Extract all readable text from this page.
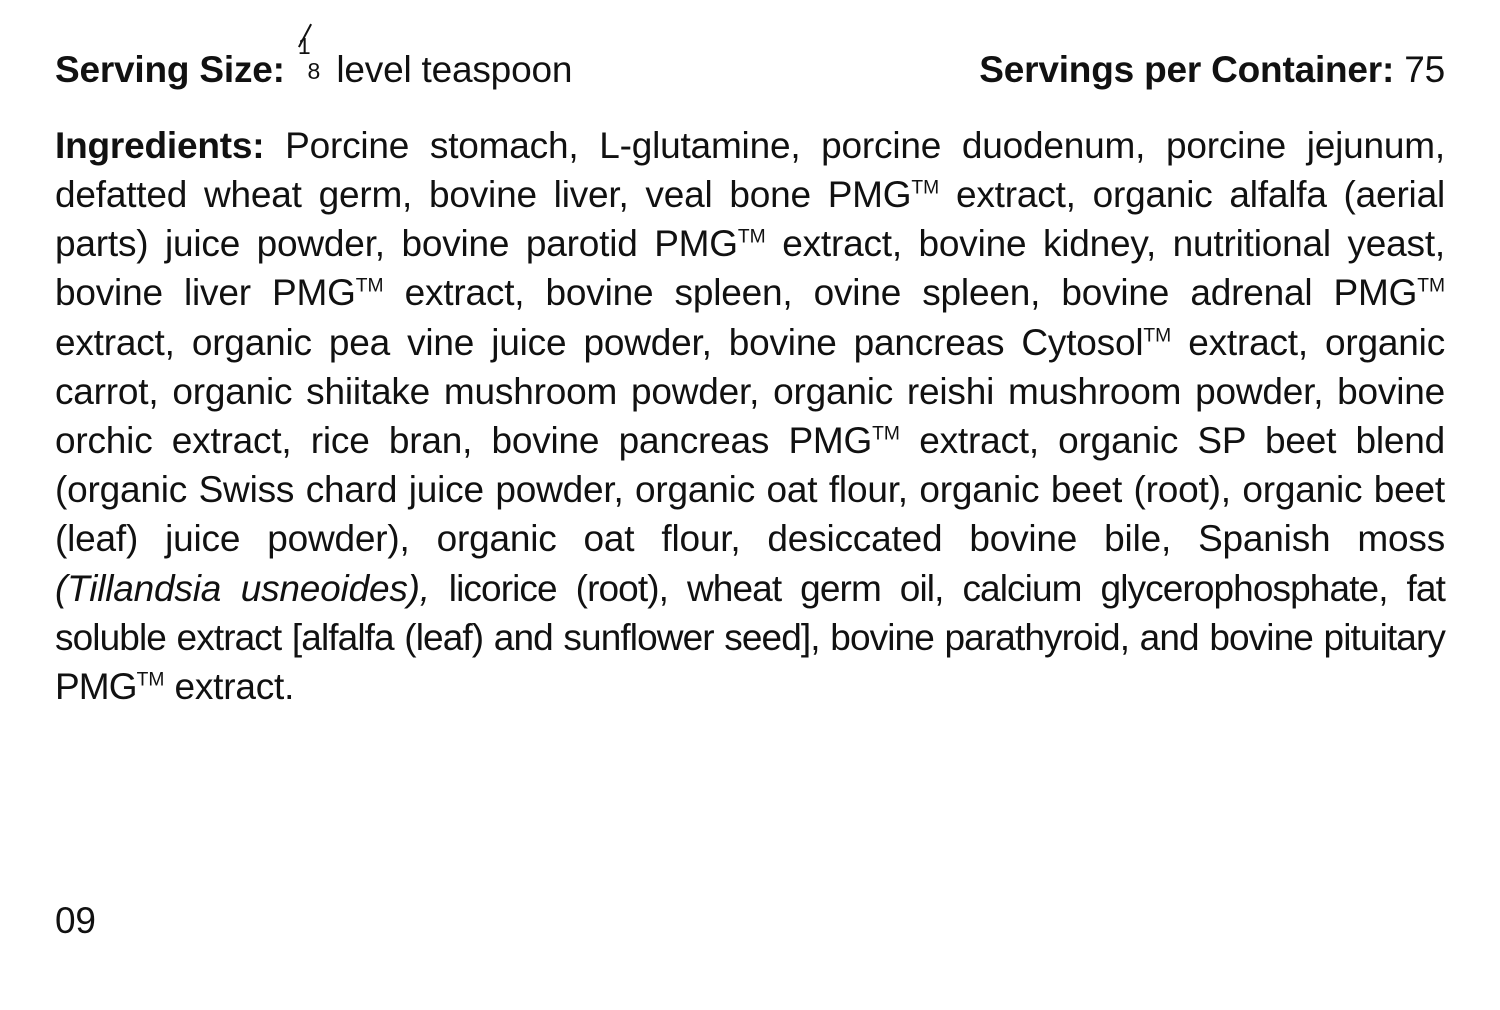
Serving Size:
1
8 level teaspoon	Servings per Container: 75
Ingredients: Porcine stomach, L-glutamine, porcine duodenum, porcine jejunum, defatted wheat germ, bovine liver, veal bone PMG™ extract, organic alfalfa (aerial parts) juice powder, bovine parotid PMG™ extract, bovine kidney, nutritional yeast, bovine liver PMG™ extract, bovine spleen, ovine spleen, bovine adrenal PMG™ extract, organic pea vine juice powder, bovine pancreas Cytosol™ extract, organic carrot, organic shiitake mushroom powder, organic reishi mushroom powder, bovine orchic extract, rice bran, bovine pancreas PMG™ extract, organic SP beet blend (organic Swiss chard juice powder, organic oat flour, organic beet (root), organic beet (leaf) juice powder), organic oat flour, desiccated bovine bile, Spanish moss (Tillandsia usneoides), licorice (root), wheat germ oil, calcium glycerophosphate, fat soluble extract [alfalfa (leaf) and sunflower seed], bovine parathyroid, and bovine pituitary PMG™ extract.
09
